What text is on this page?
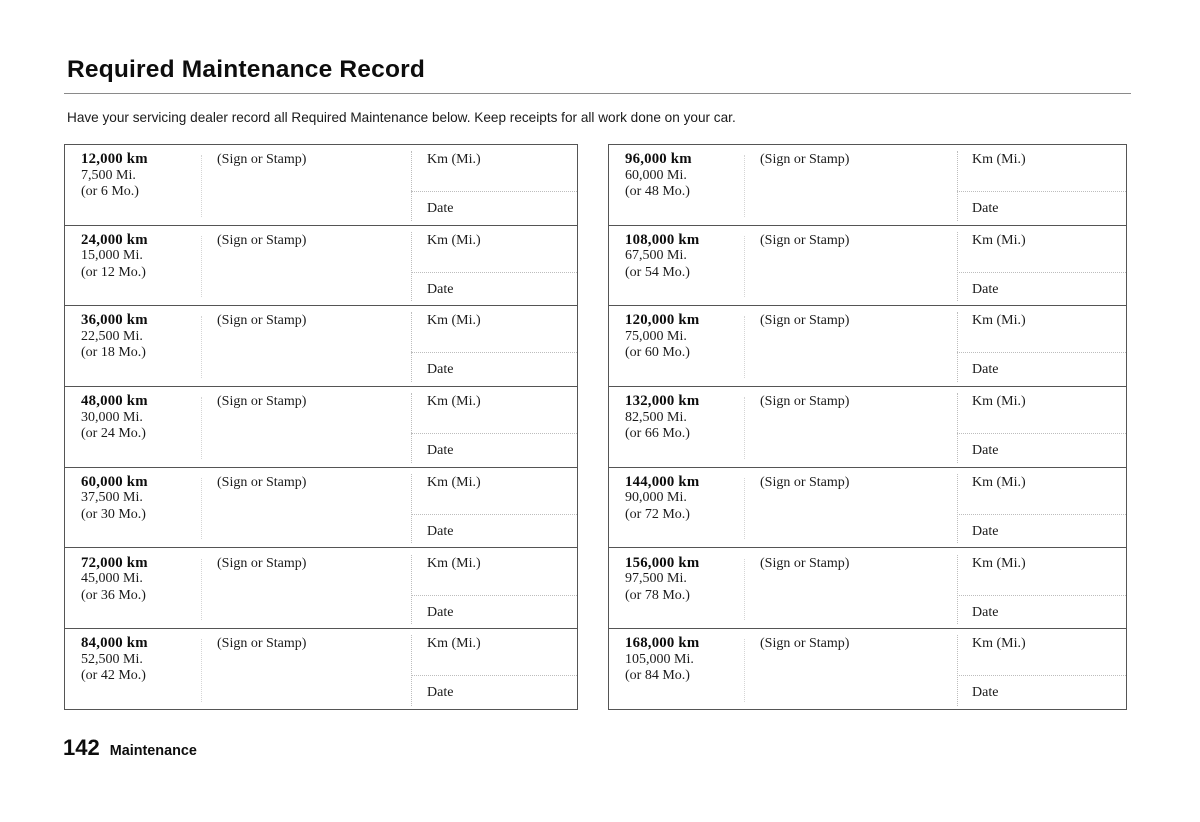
Required Maintenance Record

Have your servicing dealer record all Required Maintenance below. Keep receipts for all work done on your car.

12,000 km
7,500 Mi.
(or 6 Mo.)
(Sign or Stamp)	Km (Mi.)
Date
24,000 km
15,000 Mi.
(or 12 Mo.)
(Sign or Stamp)	Km (Mi.)
Date
36,000 km
22,500 Mi.
(or 18 Mo.)
(Sign or Stamp)	Km (Mi.)
Date
48,000 km
30,000 Mi.
(or 24 Mo.)
(Sign or Stamp)	Km (Mi.)
Date
60,000 km
37,500 Mi.
(or 30 Mo.)
(Sign or Stamp)	Km (Mi.)
Date
72,000 km
45,000 Mi.
(or 36 Mo.)
(Sign or Stamp)	Km (Mi.)
Date
84,000 km
52,500 Mi.
(or 42 Mo.)
(Sign or Stamp)	Km (Mi.)
Date
96,000 km
60,000 Mi.
(or 48 Mo.)
(Sign or Stamp)	Km (Mi.)
Date
108,000 km
67,500 Mi.
(or 54 Mo.)
(Sign or Stamp)	Km (Mi.)
Date
120,000 km
75,000 Mi.
(or 60 Mo.)
(Sign or Stamp)	Km (Mi.)
Date
132,000 km
82,500 Mi.
(or 66 Mo.)
(Sign or Stamp)	Km (Mi.)
Date
144,000 km
90,000 Mi.
(or 72 Mo.)
(Sign or Stamp)	Km (Mi.)
Date
156,000 km
97,500 Mi.
(or 78 Mo.)
(Sign or Stamp)	Km (Mi.)
Date
168,000 km
105,000 Mi.
(or 84 Mo.)
(Sign or Stamp)	Km (Mi.)
Date

142 Maintenance
